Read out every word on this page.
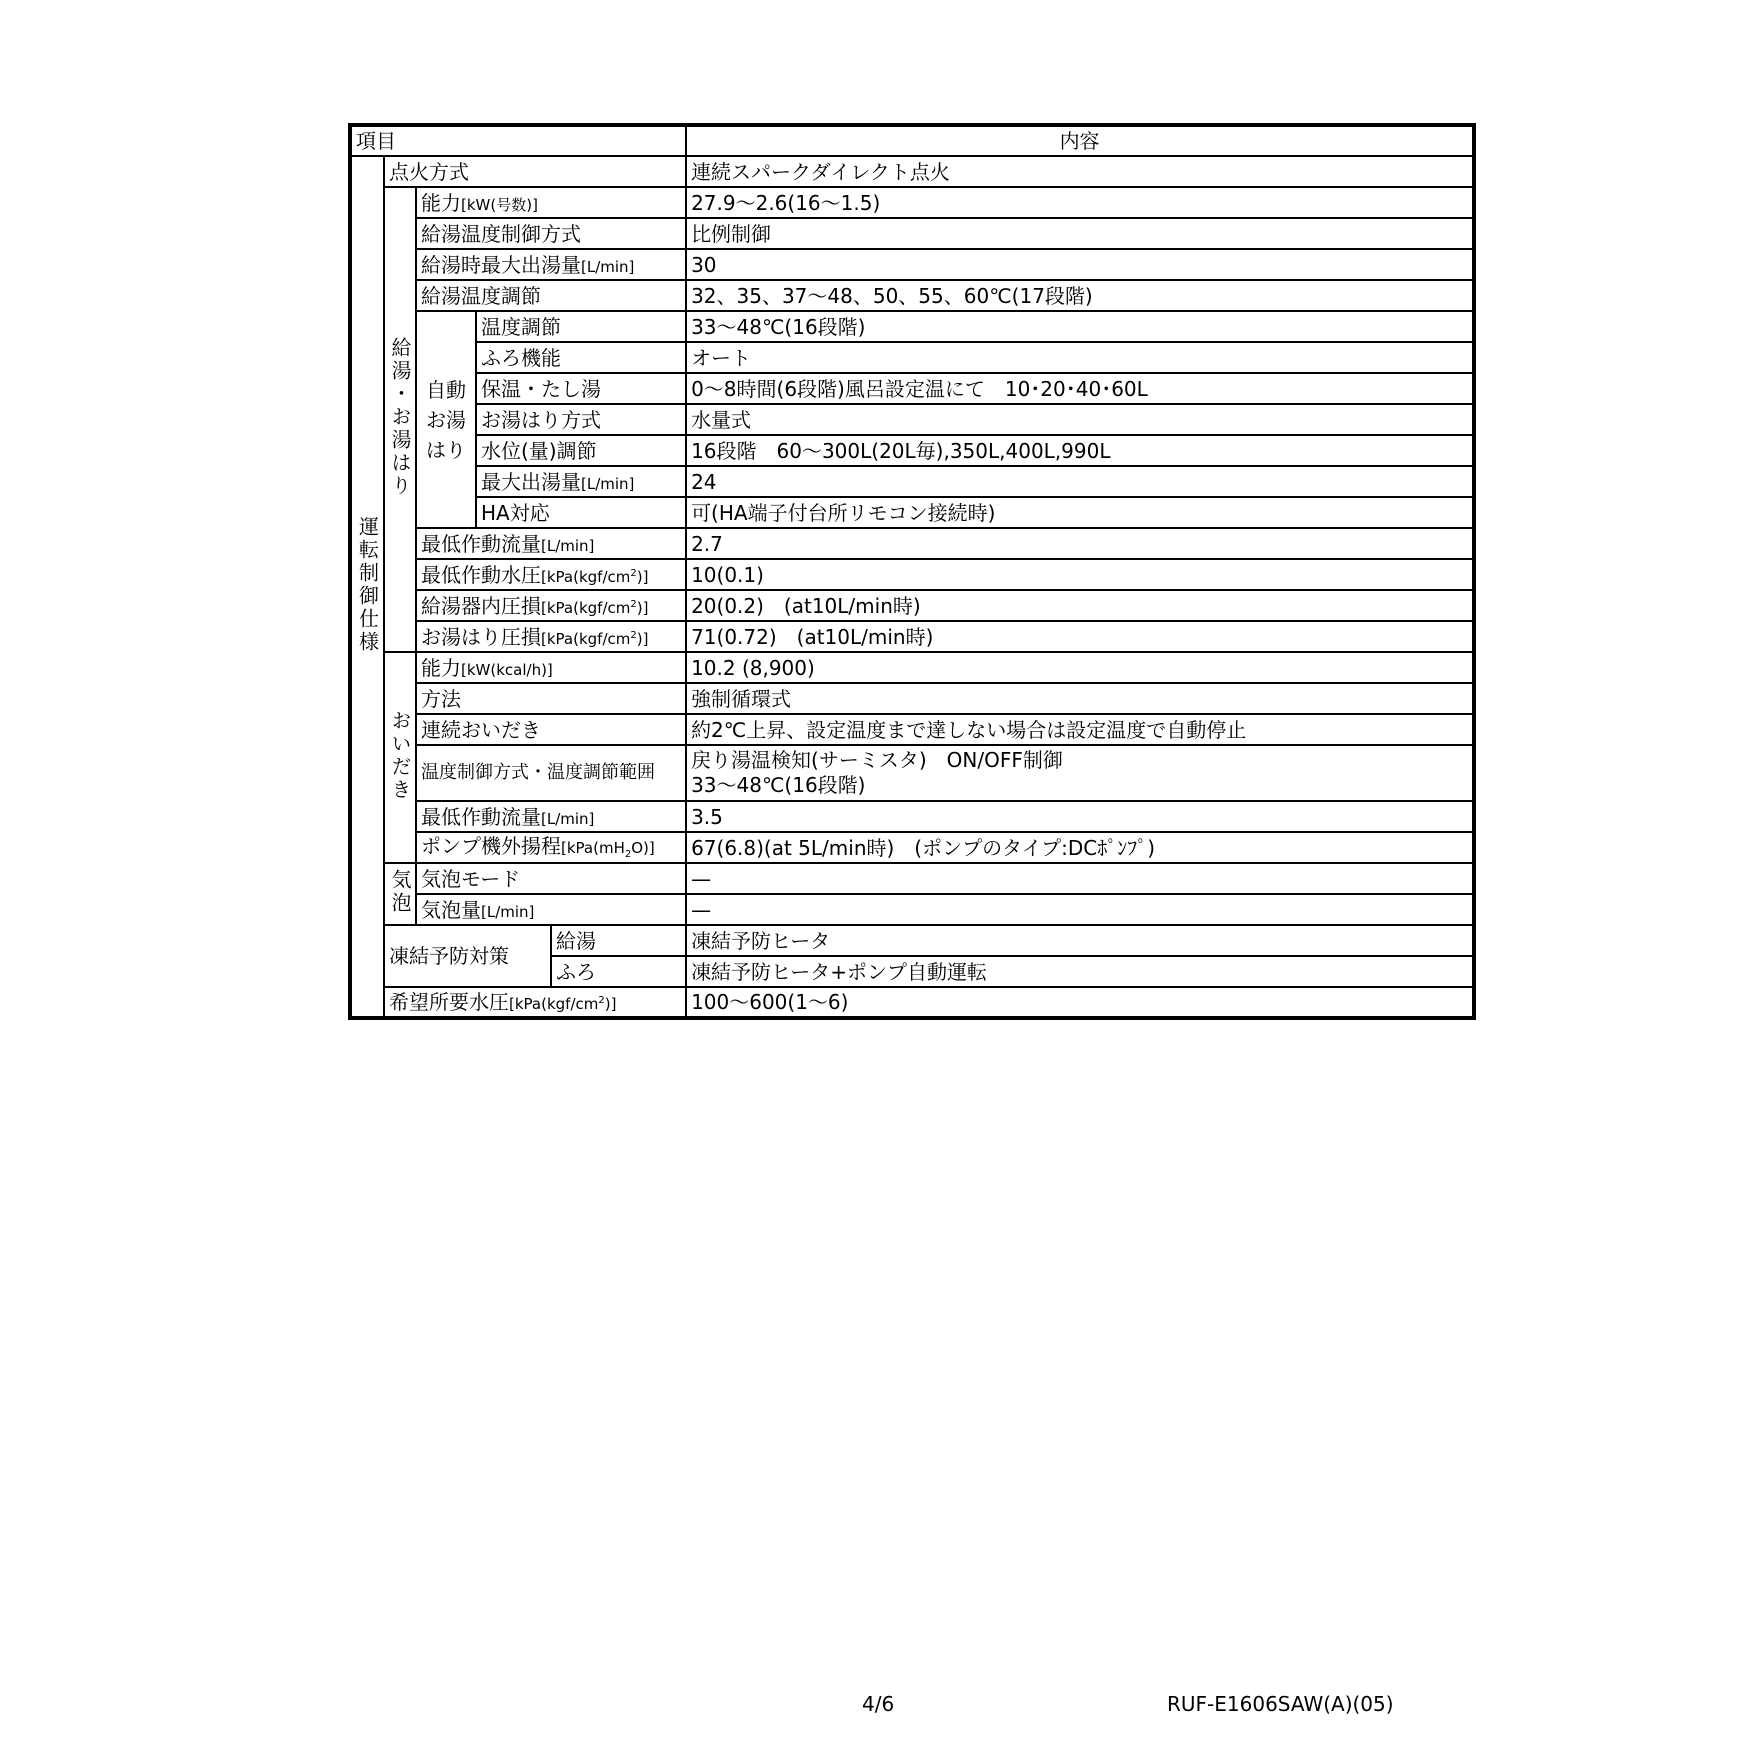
項目					内容
運転制御仕様	点火方式				連続スパークダイレクト点火
	給湯・お湯はり	能力[kW(号数)]			27.9〜2.6(16〜1.5)
		給湯温度制御方式			比例制御
		給湯時最大出湯量[L/min]			30
		給湯温度調節			32、35、37〜48、50、55、60℃(17段階)
		自動お湯はり	温度調節		33〜48℃(16段階)
			ふろ機能		オート
			保温・たし湯		0〜8時間(6段階)風呂設定温にて　10･20･40･60L
			お湯はり方式		水量式
			水位(量)調節		16段階　60〜300L(20L毎),350L,400L,990L
			最大出湯量[L/min]		24
			HA対応		可(HA端子付台所リモコン接続時)
		最低作動流量[L/min]			2.7
		最低作動水圧$[kPa(kgf/cm^2)]$			10(0.1)
		給湯器内圧損$[kPa(kgf/cm^2)]$			20(0.2)　(at10L/min時)
		お湯はり圧損$[kPa(kgf/cm^2)]$			71(0.72)　(at10L/min時)
	おいだき	能力[kW(kcal/h)]			10.2 (8,900)
		方法			強制循環式
		連続おいだき			約2℃上昇、設定温度まで達しない場合は設定温度で自動停止
		温度制御方式・温度調節範囲			戻り湯温検知(サーミスタ)　ON/OFF制御
33〜48℃(16段階)
		最低作動流量[L/min]			3.5
		ポンプ機外揚程$[kPa(mH_2O)]$			67(6.8)(at 5L/min時)　(ポンプのタイプ:DCﾎﾟﾝﾌﾟ)
	気泡	気泡モード			—
		気泡量[L/min]			—
	凍結予防対策			給湯	凍結予防ヒータ
				ふろ	凍結予防ヒータ+ポンプ自動運転
	希望所要水圧$[kPa(kgf/cm^2)]$				100〜600(1〜6)
4/6	RUF-E1606SAW(A)(05)
